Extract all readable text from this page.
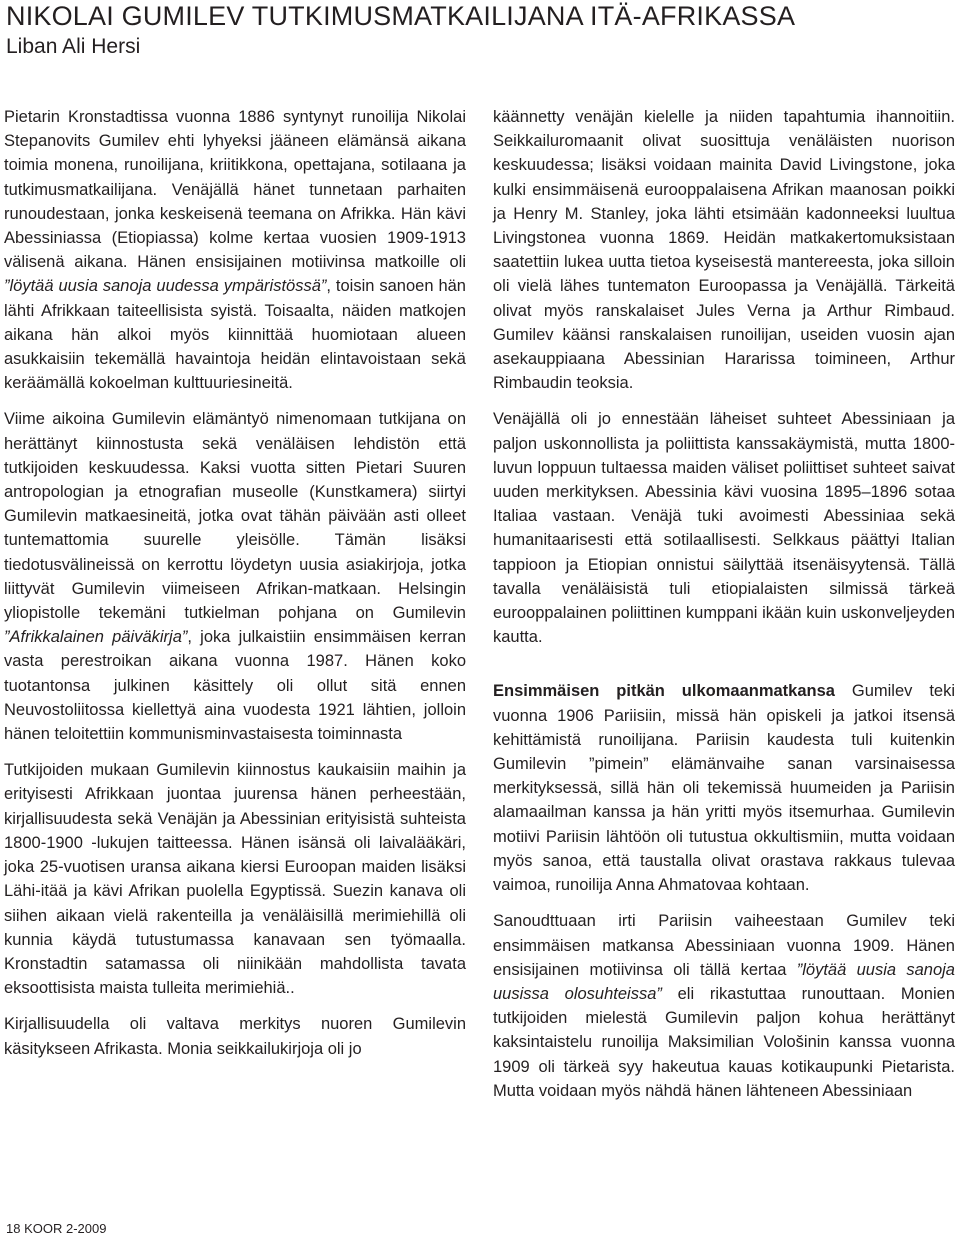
NIKOLAI GUMILEV TUTKIMUSMATKAILIJANA ITÄ-AFRIKASSA
Liban Ali Hersi

Pietarin Kronstadtissa vuonna 1886 syntynyt runoilija Nikolai Stepanovits Gumilev ehti lyhyeksi jääneen elämänsä aikana toimia monena, runoilijana, kriitikkona, opettajana, sotilaana ja tutkimusmatkailijana. Venäjällä hänet tunnetaan parhaiten runoudestaan, jonka keskeisenä teemana on Afrikka. Hän kävi Abessiniassa (Etiopiassa) kolme kertaa vuosien 1909-1913 välisenä aikana. Hänen ensisijainen motiivinsa matkoille oli ”löytää uusia sanoja uudessa ympäristössä”, toisin sanoen hän lähti Afrikkaan taiteellisista syistä. Toisaalta, näiden matkojen aikana hän alkoi myös kiinnittää huomiotaan alueen asukkaisiin tekemällä havaintoja heidän elintavoistaan sekä keräämällä kokoelman kulttuuriesineitä.

Viime aikoina Gumilevin elämäntyö nimenomaan tutkijana on herättänyt kiinnostusta sekä venäläisen lehdistön että tutkijoiden keskuudessa. Kaksi vuotta sitten Pietari Suuren antropologian ja etnografian museolle (Kunstkamera) siirtyi Gumilevin matkaesineitä, jotka ovat tähän päivään asti olleet tuntemattomia suurelle yleisölle. Tämän lisäksi tiedotusvälineissä on kerrottu löydetyn uusia asiakirjoja, jotka liittyvät Gumilevin viimeiseen Afrikan-matkaan. Helsingin yliopistolle tekemäni tutkielman pohjana on Gumilevin ”Afrikkalainen päiväkirja”, joka julkaistiin ensimmäisen kerran vasta perestroikan aikana vuonna 1987. Hänen koko tuotantonsa julkinen käsittely oli ollut sitä ennen Neuvostoliitossa kiellettyä aina vuodesta 1921 lähtien, jolloin hänen teloitettiin kommunisminvastaisesta toiminnasta

Tutkijoiden mukaan Gumilevin kiinnostus kaukaisiin maihin ja erityisesti Afrikkaan juontaa juurensa hänen perheestään, kirjallisuudesta sekä Venäjän ja Abessinian erityisistä suhteista 1800-1900 -lukujen taitteessa. Hänen isänsä oli laivalääkäri, joka 25-vuotisen uransa aikana kiersi Euroopan maiden lisäksi Lähi-itää ja kävi Afrikan puolella Egyptissä. Suezin kanava oli siihen aikaan vielä rakenteilla ja venäläisillä merimiehillä oli kunnia käydä tutustumassa kanavaan sen työmaalla. Kronstadtin satamassa oli niinikään mahdollista tavata eksoottisista maista tulleita merimiehiä..

Kirjallisuudella oli valtava merkitys nuoren Gumilevin käsitykseen Afrikasta. Monia seikkailukirjoja oli jo

käännetty venäjän kielelle ja niiden tapahtumia ihannoitiin. Seikkailuromaanit olivat suosittuja venäläisten nuorison keskuudessa; lisäksi voidaan mainita David Livingstone, joka kulki ensimmäisenä eurooppalaisena Afrikan maanosan poikki ja Henry M. Stanley, joka lähti etsimään kadonneeksi luultua Livingstonea vuonna 1869. Heidän matkakertomuksistaan saatettiin lukea uutta tietoa kyseisestä mantereesta, joka silloin oli vielä lähes tuntematon Euroopassa ja Venäjällä. Tärkeitä olivat myös ranskalaiset Jules Verna ja Arthur Rimbaud. Gumilev käänsi ranskalaisen runoilijan, useiden vuosin ajan asekauppiaana Abessinian Hararissa toimineen, Arthur Rimbaudin teoksia.

Venäjällä oli jo ennestään läheiset suhteet Abessiniaan ja paljon uskonnollista ja poliittista kanssakäymistä, mutta 1800-luvun loppuun tultaessa maiden väliset poliittiset suhteet saivat uuden merkityksen. Abessinia kävi vuosina 1895–1896 sotaa Italiaa vastaan. Venäjä tuki avoimesti Abessiniaa sekä humanitaarisesti että sotilaallisesti. Selkkaus päättyi Italian tappioon ja Etiopian onnistui säilyttää itsenäisyytensä. Tällä tavalla venäläisistä tuli etiopialaisten silmissä tärkeä eurooppalainen poliittinen kumppani ikään kuin uskonveljeyden kautta.

Ensimmäisen pitkän ulkomaanmatkansa Gumilev teki vuonna 1906 Pariisiin, missä hän opiskeli ja jatkoi itsensä kehittämistä runoilijana. Pariisin kaudesta tuli kuitenkin Gumilevin ”pimein” elämänvaihe sanan varsinaisessa merkityksessä, sillä hän oli tekemissä huumeiden ja Pariisin alamaailman kanssa ja hän yritti myös itsemurhaa. Gumilevin motiivi Pariisin lähtöön oli tutustua okkultismiin, mutta voidaan myös sanoa, että taustalla olivat orastava rakkaus tulevaa vaimoa, runoilija Anna Ahmatovaa kohtaan.

Sanoudttuaan irti Pariisin vaiheestaan Gumilev teki ensimmäisen matkansa Abessiniaan vuonna 1909. Hänen ensisijainen motiivinsa oli tällä kertaa ”löytää uusia sanoja uusissa olosuhteissa” eli rikastuttaa runouttaan. Monien tutkijoiden mielestä Gumilevin paljon kohua herättänyt kaksintaistelu runoilija Maksimilian Vološinin kanssa vuonna 1909 oli tärkeä syy hakeutua kauas kotikaupunki Pietarista. Mutta voidaan myös nähdä hänen lähteneen Abessiniaan

18 KOOR 2-2009
